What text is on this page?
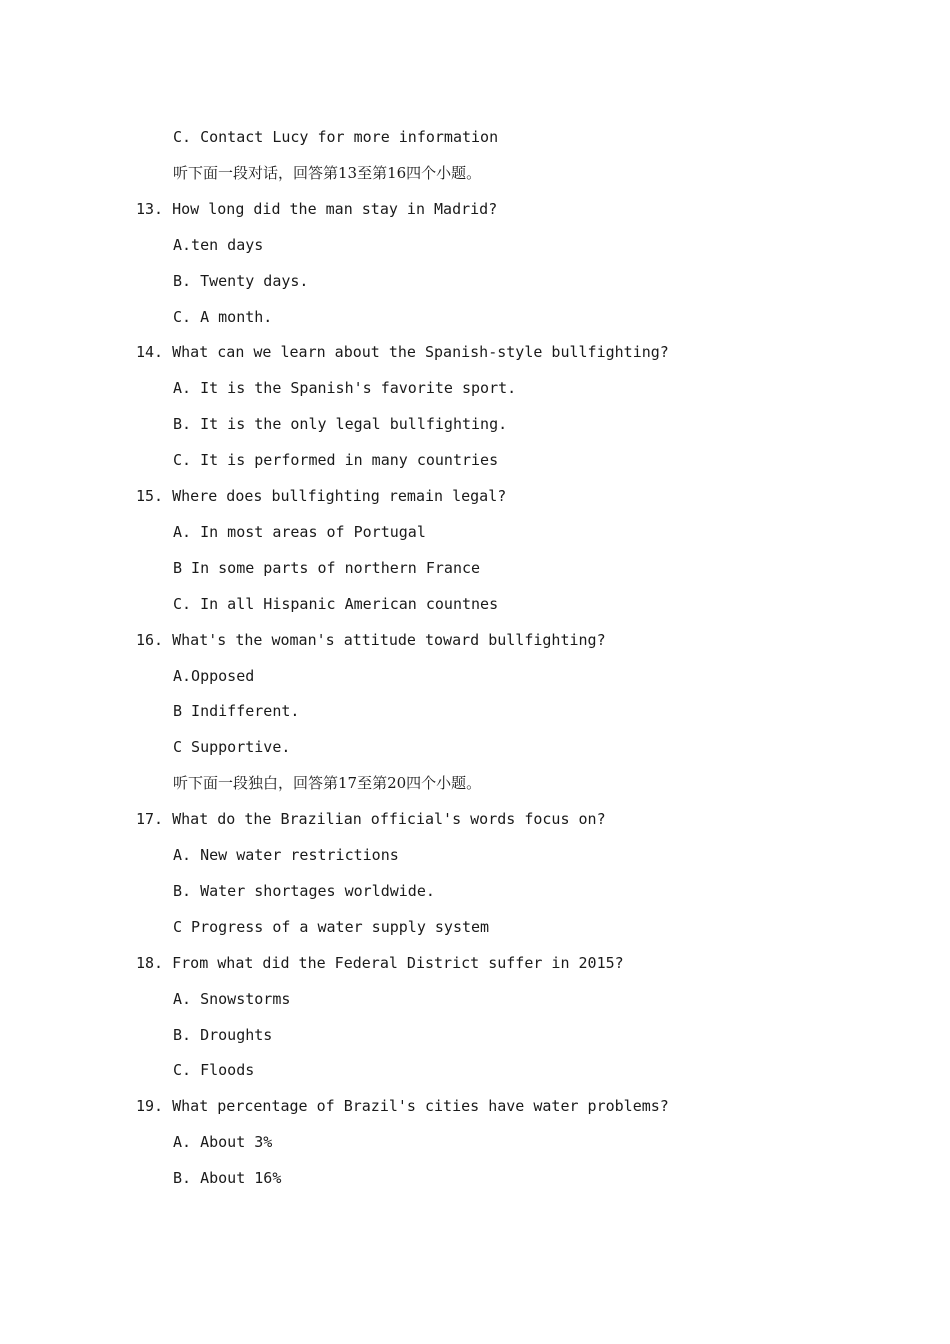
C. Contact Lucy for more information
听下面一段对话，回答第13至第16四个小题。
13. How long did the man stay in Madrid?
A.ten days
B. Twenty days.
C. A month.
14. What can we learn about the Spanish-style bullfighting?
A. It is the Spanish's favorite sport.
B. It is the only legal bullfighting.
C. It is performed in many countries
15. Where does bullfighting remain legal?
A. In most areas of Portugal
B In some parts of northern France
C. In all Hispanic American countnes
16. What's the woman's attitude toward bullfighting?
A.Opposed
B Indifferent.
C Supportive.
听下面一段独白，回答第17至第20四个小题。
17. What do the Brazilian official's words focus on?
A. New water restrictions
B. Water shortages worldwide.
C Progress of a water supply system
18. From what did the Federal District suffer in 2015?
A. Snowstorms
B. Droughts
C. Floods
19. What percentage of Brazil's cities have water problems?
A. About 3%
B. About 16%
